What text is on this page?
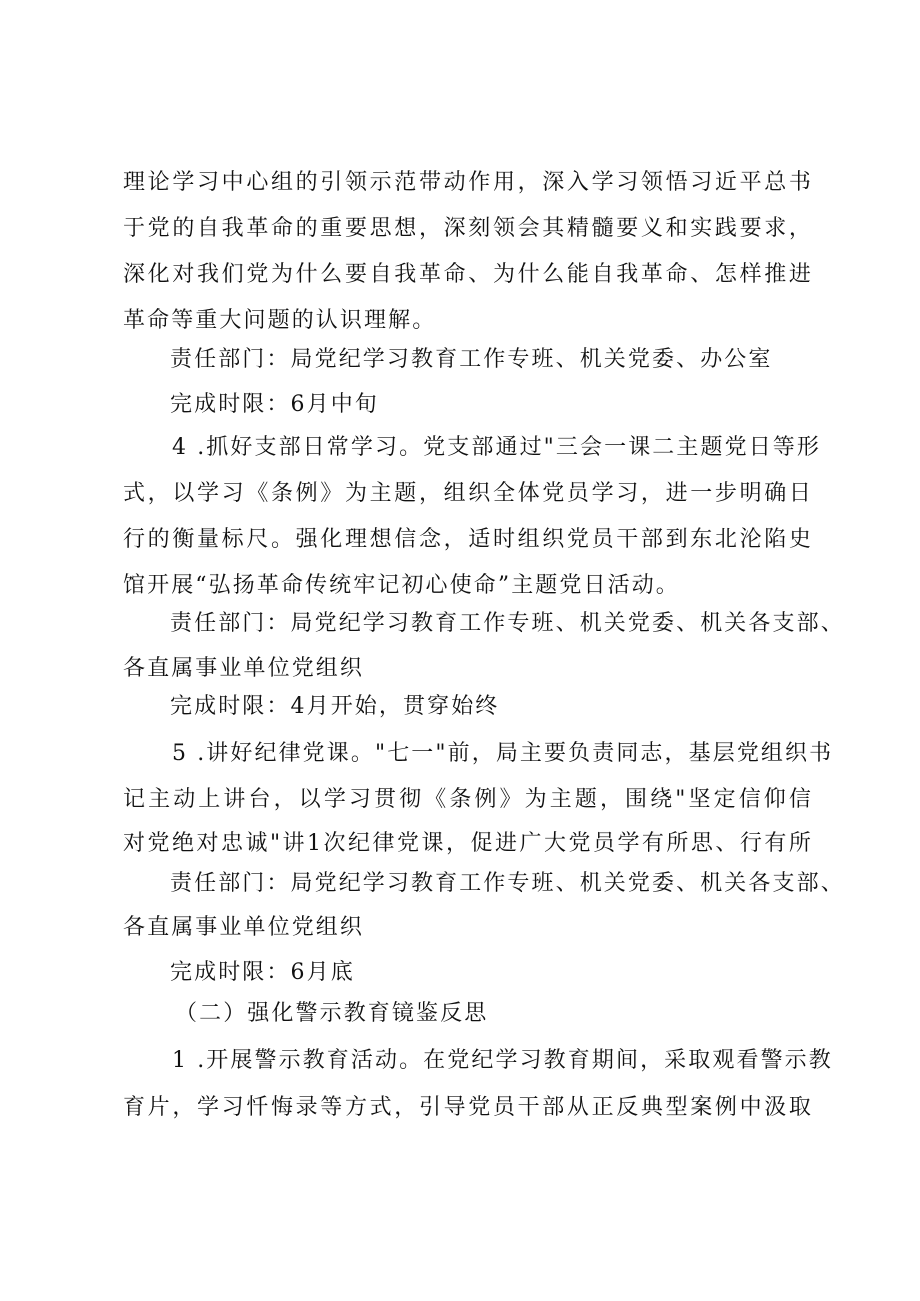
理论学习中心组的引领示范带动作用，深入学习领悟习近平总书
于党的自我革命的重要思想，深刻领会其精髓要义和实践要求，
深化对我们党为什么要自我革命、为什么能自我革命、怎样推进
革命等重大问题的认识理解。
责任部门：局党纪学习教育工作专班、机关党委、办公室
完成时限：6月中旬
4 .抓好支部日常学习。党支部通过"三会一课二主题党日等形
式，以学习《条例》为主题，组织全体党员学习，进一步明确日
行的衡量标尺。强化理想信念，适时组织党员干部到东北沦陷史
馆开展“弘扬革命传统牢记初心使命”主题党日活动。
责任部门：局党纪学习教育工作专班、机关党委、机关各支部、
各直属事业单位党组织
完成时限：4月开始，贯穿始终
5 .讲好纪律党课。"七一"前，局主要负责同志，基层党组织书
记主动上讲台，以学习贯彻《条例》为主题，围绕"坚定信仰信
对党绝对忠诚"讲1次纪律党课，促进广大党员学有所思、行有所
责任部门：局党纪学习教育工作专班、机关党委、机关各支部、
各直属事业单位党组织
完成时限：6月底
（二）强化警示教育镜鉴反思
1 .开展警示教育活动。在党纪学习教育期间，采取观看警示教
育片，学习忏悔录等方式，引导党员干部从正反典型案例中汲取
